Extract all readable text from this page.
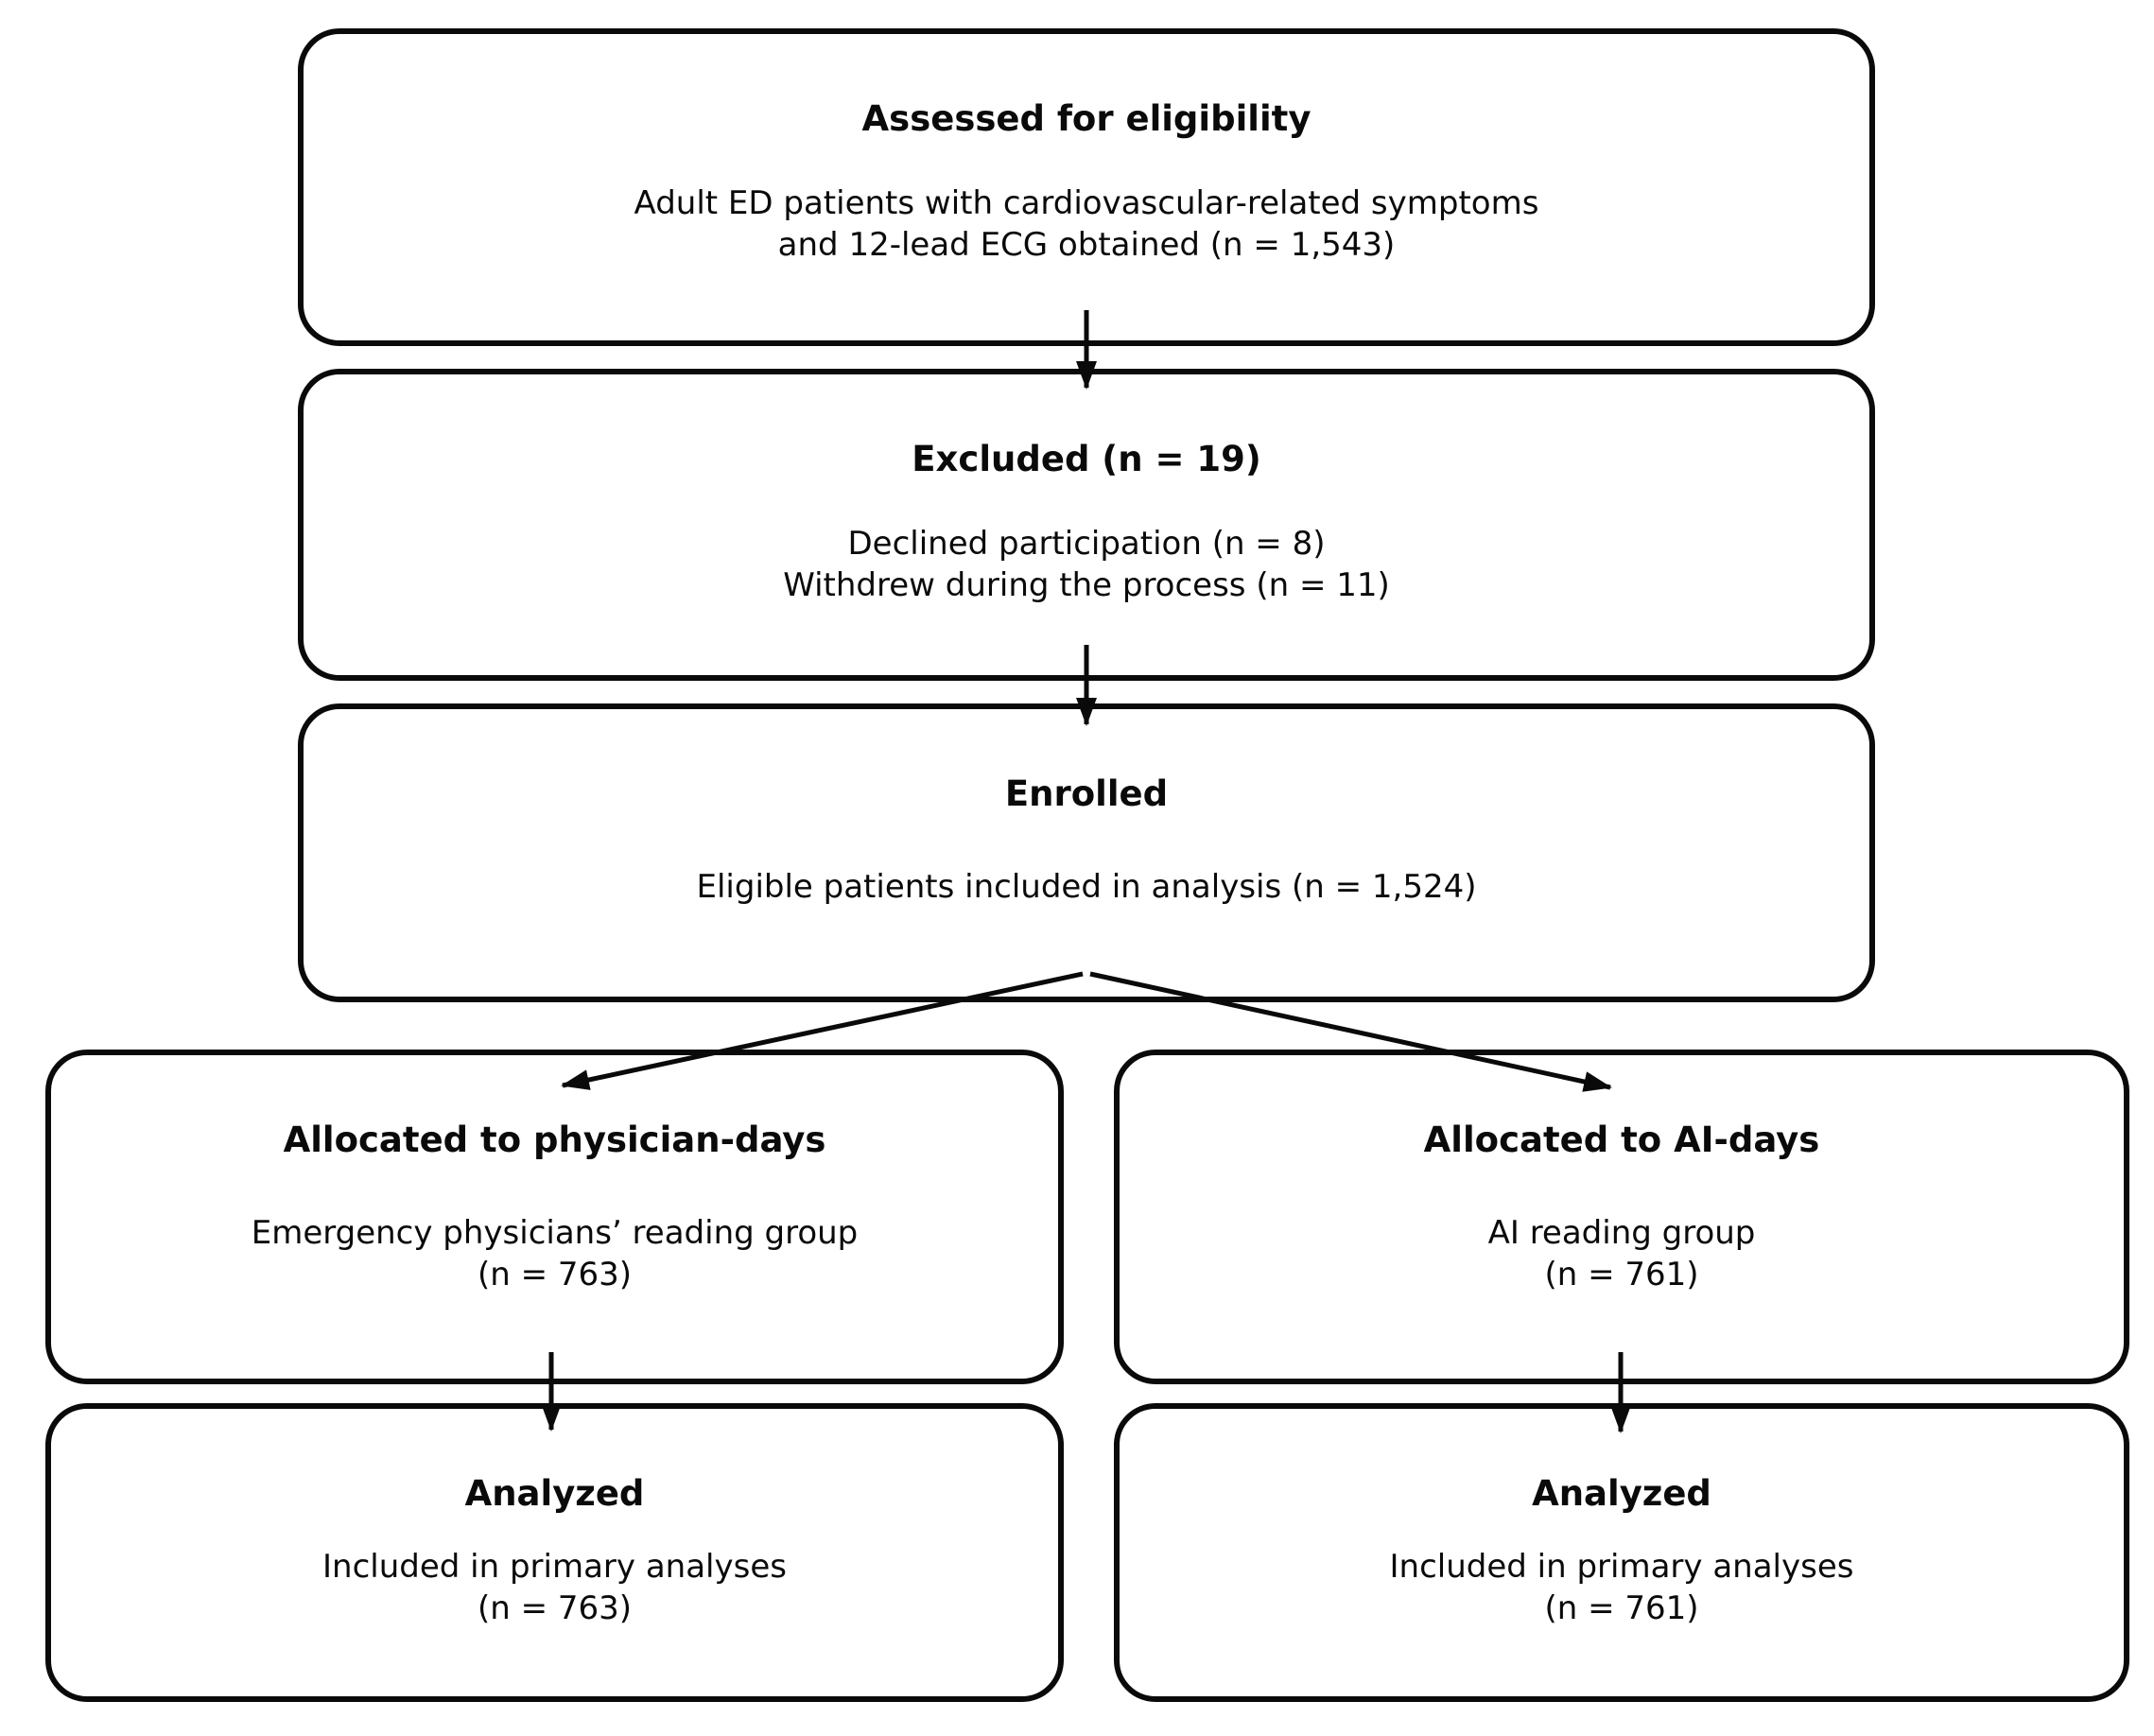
Assessed for eligibility
Adult ED patients with cardiovascular-related symptoms
and 12-lead ECG obtained (n = 1,543)
Excluded (n = 19)
Declined participation (n = 8)
Withdrew during the process (n = 11)
Enrolled
Eligible patients included in analysis (n = 1,524)
Allocated to physician-days
Emergency physicians’ reading group
(n = 763)
Allocated to AI-days
AI reading group
(n = 761)
Analyzed
Included in primary analyses
(n = 763)
Analyzed
Included in primary analyses
(n = 761)
